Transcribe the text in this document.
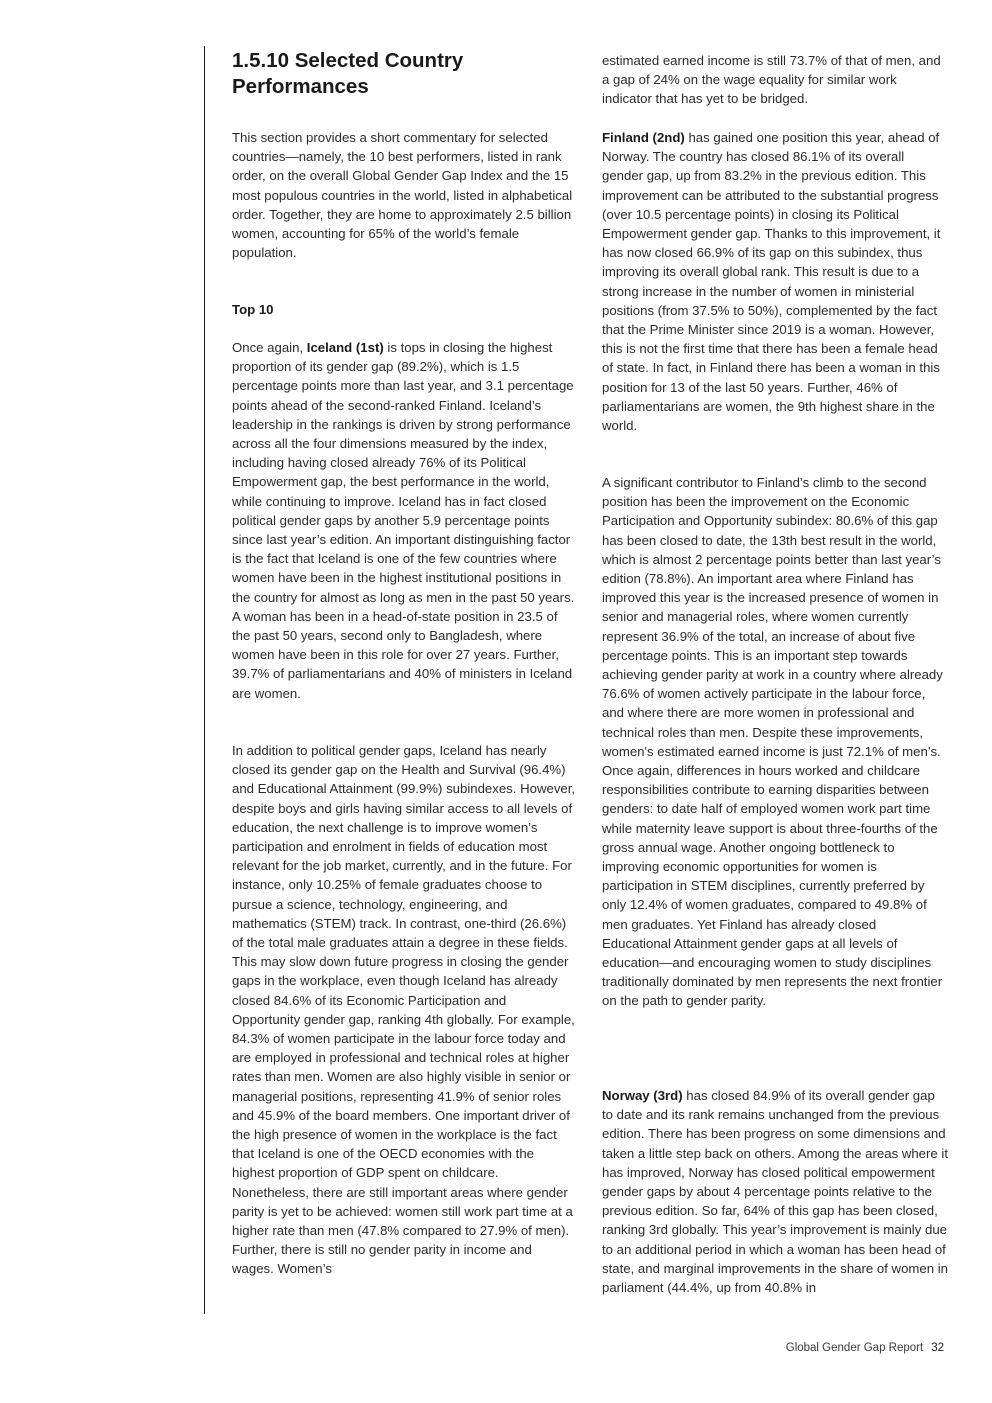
1.5.10 Selected Country Performances

This section provides a short commentary for selected countries—namely, the 10 best performers, listed in rank order, on the overall Global Gender Gap Index and the 15 most populous countries in the world, listed in alphabetical order. Together, they are home to approximately 2.5 billion women, accounting for 65% of the world’s female population.

Top 10

Once again, Iceland (1st) is tops in closing the highest proportion of its gender gap (89.2%), which is 1.5 percentage points more than last year, and 3.1 percentage points ahead of the second-ranked Finland. Iceland’s leadership in the rankings is driven by strong performance across all the four dimensions measured by the index, including having closed already 76% of its Political Empowerment gap, the best performance in the world, while continuing to improve. Iceland has in fact closed political gender gaps by another 5.9 percentage points since last year’s edition. An important distinguishing factor is the fact that Iceland is one of the few countries where women have been in the highest institutional positions in the country for almost as long as men in the past 50 years. A woman has been in a head-of-state position in 23.5 of the past 50 years, second only to Bangladesh, where women have been in this role for over 27 years. Further, 39.7% of parliamentarians and 40% of ministers in Iceland are women.

In addition to political gender gaps, Iceland has nearly closed its gender gap on the Health and Survival (96.4%) and Educational Attainment (99.9%) subindexes. However, despite boys and girls having similar access to all levels of education, the next challenge is to improve women’s participation and enrolment in fields of education most relevant for the job market, currently, and in the future. For instance, only 10.25% of female graduates choose to pursue a science, technology, engineering, and mathematics (STEM) track. In contrast, one-third (26.6%) of the total male graduates attain a degree in these fields. This may slow down future progress in closing the gender gaps in the workplace, even though Iceland has already closed 84.6% of its Economic Participation and Opportunity gender gap, ranking 4th globally. For example, 84.3% of women participate in the labour force today and are employed in professional and technical roles at higher rates than men. Women are also highly visible in senior or managerial positions, representing 41.9% of senior roles and 45.9% of the board members. One important driver of the high presence of women in the workplace is the fact that Iceland is one of the OECD economies with the highest proportion of GDP spent on childcare. Nonetheless, there are still important areas where gender parity is yet to be achieved: women still work part time at a higher rate than men (47.8% compared to 27.9% of men). Further, there is still no gender parity in income and wages. Women’s

estimated earned income is still 73.7% of that of men, and a gap of 24% on the wage equality for similar work indicator that has yet to be bridged.

Finland (2nd) has gained one position this year, ahead of Norway. The country has closed 86.1% of its overall gender gap, up from 83.2% in the previous edition. This improvement can be attributed to the substantial progress (over 10.5 percentage points) in closing its Political Empowerment gender gap. Thanks to this improvement, it has now closed 66.9% of its gap on this subindex, thus improving its overall global rank. This result is due to a strong increase in the number of women in ministerial positions (from 37.5% to 50%), complemented by the fact that the Prime Minister since 2019 is a woman. However, this is not the first time that there has been a female head of state. In fact, in Finland there has been a woman in this position for 13 of the last 50 years. Further, 46% of parliamentarians are women, the 9th highest share in the world.

A significant contributor to Finland’s climb to the second position has been the improvement on the Economic Participation and Opportunity subindex: 80.6% of this gap has been closed to date, the 13th best result in the world, which is almost 2 percentage points better than last year’s edition (78.8%). An important area where Finland has improved this year is the increased presence of women in senior and managerial roles, where women currently represent 36.9% of the total, an increase of about five percentage points. This is an important step towards achieving gender parity at work in a country where already 76.6% of women actively participate in the labour force, and where there are more women in professional and technical roles than men. Despite these improvements, women's estimated earned income is just 72.1% of men’s. Once again, differences in hours worked and childcare responsibilities contribute to earning disparities between genders: to date half of employed women work part time while maternity leave support is about three-fourths of the gross annual wage. Another ongoing bottleneck to improving economic opportunities for women is participation in STEM disciplines, currently preferred by only 12.4% of women graduates, compared to 49.8% of men graduates. Yet Finland has already closed Educational Attainment gender gaps at all levels of education—and encouraging women to study disciplines traditionally dominated by men represents the next frontier on the path to gender parity.

Norway (3rd) has closed 84.9% of its overall gender gap to date and its rank remains unchanged from the previous edition. There has been progress on some dimensions and taken a little step back on others. Among the areas where it has improved, Norway has closed political empowerment gender gaps by about 4 percentage points relative to the previous edition. So far, 64% of this gap has been closed, ranking 3rd globally. This year’s improvement is mainly due to an additional period in which a woman has been head of state, and marginal improvements in the share of women in parliament (44.4%, up from 40.8% in

Global Gender Gap Report 32
